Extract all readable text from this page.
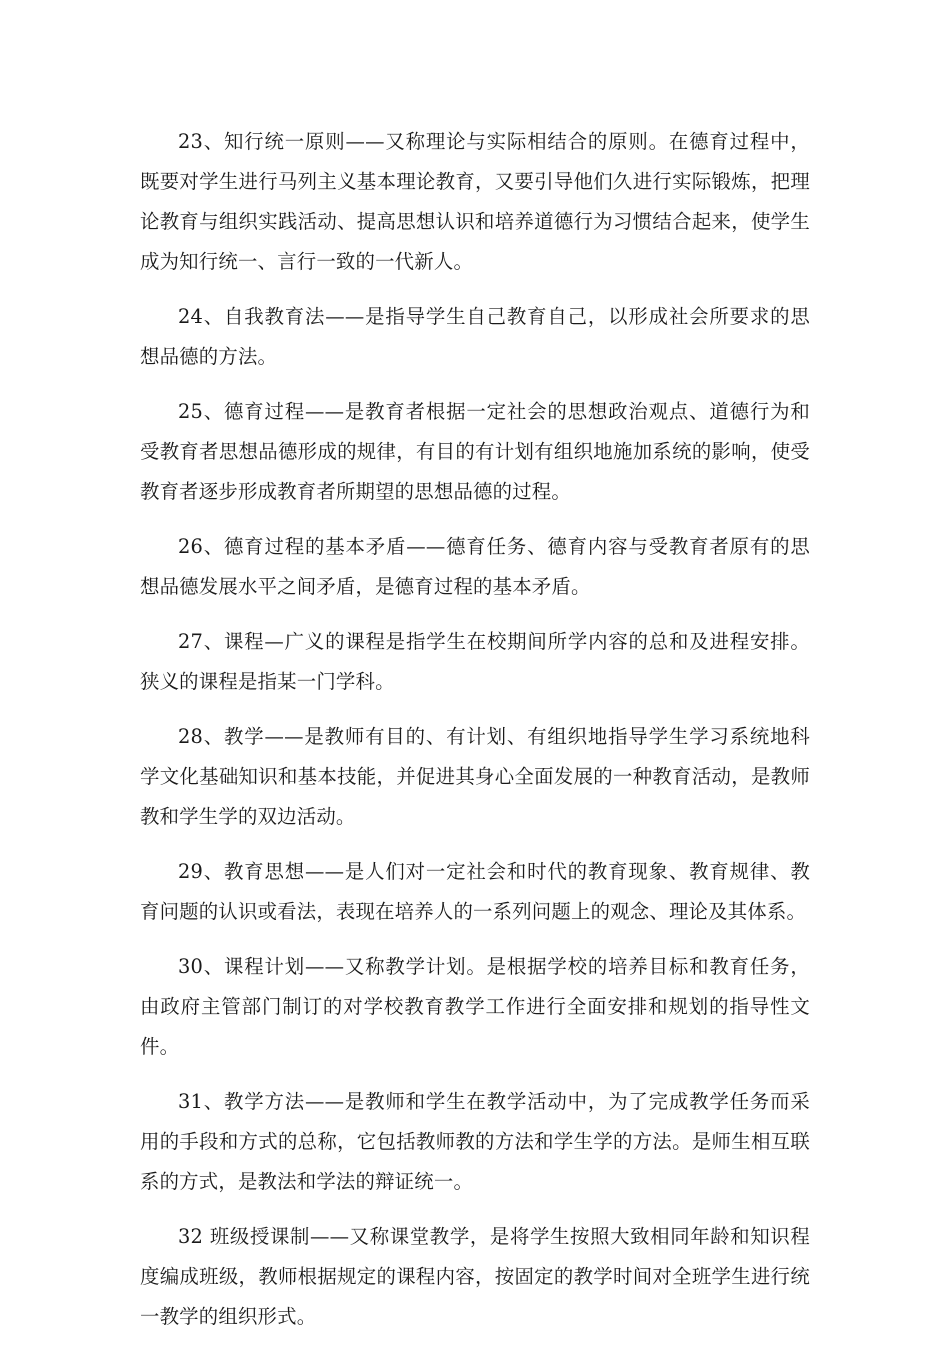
23、知行统一原则——又称理论与实际相结合的原则。在德育过程中，既要对学生进行马列主义基本理论教育，又要引导他们久进行实际锻炼，把理论教育与组织实践活动、提高思想认识和培养道德行为习惯结合起来，使学生成为知行统一、言行一致的一代新人。

24、自我教育法——是指导学生自己教育自己，以形成社会所要求的思想品德的方法。

25、德育过程——是教育者根据一定社会的思想政治观点、道德行为和受教育者思想品德形成的规律，有目的有计划有组织地施加系统的影响，使受教育者逐步形成教育者所期望的思想品德的过程。

26、德育过程的基本矛盾——德育任务、德育内容与受教育者原有的思想品德发展水平之间矛盾，是德育过程的基本矛盾。

27、课程—广义的课程是指学生在校期间所学内容的总和及进程安排。狭义的课程是指某一门学科。

28、教学——是教师有目的、有计划、有组织地指导学生学习系统地科学文化基础知识和基本技能，并促进其身心全面发展的一种教育活动，是教师教和学生学的双边活动。

29、教育思想——是人们对一定社会和时代的教育现象、教育规律、教育问题的认识或看法，表现在培养人的一系列问题上的观念、理论及其体系。

30、课程计划——又称教学计划。是根据学校的培养目标和教育任务，由政府主管部门制订的对学校教育教学工作进行全面安排和规划的指导性文件。

31、教学方法——是教师和学生在教学活动中，为了完成教学任务而采用的手段和方式的总称，它包括教师教的方法和学生学的方法。是师生相互联系的方式，是教法和学法的辩证统一。

32 班级授课制——又称课堂教学，是将学生按照大致相同年龄和知识程度编成班级，教师根据规定的课程内容，按固定的教学时间对全班学生进行统一教学的组织形式。
